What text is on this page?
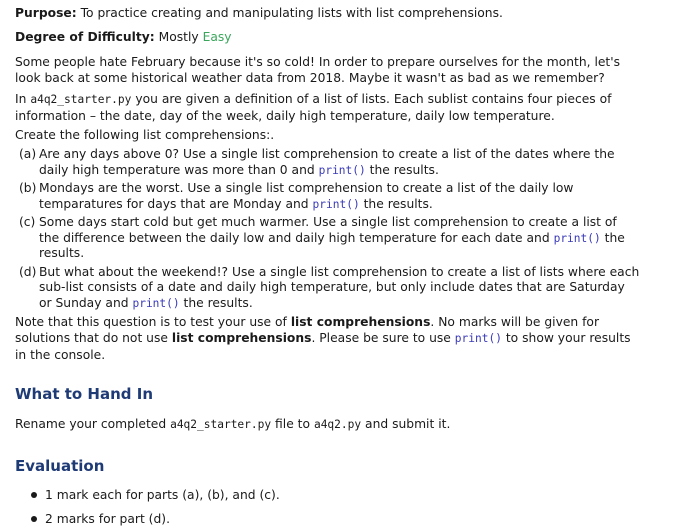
Purpose: To practice creating and manipulating lists with list comprehensions.

Degree of Difficulty: Mostly Easy

Some people hate February because it's so cold! In order to prepare ourselves for the month, let's look back at some historical weather data from 2018. Maybe it wasn't as bad as we remember?

In a4q2_starter.py you are given a definition of a list of lists. Each sublist contains four pieces of information – the date, day of the week, daily high temperature, daily low temperature.

Create the following list comprehensions:.

(a) Are any days above 0? Use a single list comprehension to create a list of the dates where the daily high temperature was more than 0 and print() the results.
(b) Mondays are the worst. Use a single list comprehension to create a list of the daily low temparatures for days that are Monday and print() the results.
(c) Some days start cold but get much warmer. Use a single list comprehension to create a list of the difference between the daily low and daily high temperature for each date and print() the results.
(d) But what about the weekend!? Use a single list comprehension to create a list of lists where each sub-list consists of a date and daily high temperature, but only include dates that are Saturday or Sunday and print() the results.

Note that this question is to test your use of list comprehensions. No marks will be given for solutions that do not use list comprehensions. Please be sure to use print() to show your results in the console.

What to Hand In

Rename your completed a4q2_starter.py file to a4q2.py and submit it.

Evaluation
1 mark each for parts (a), (b), and (c).
2 marks for part (d).
